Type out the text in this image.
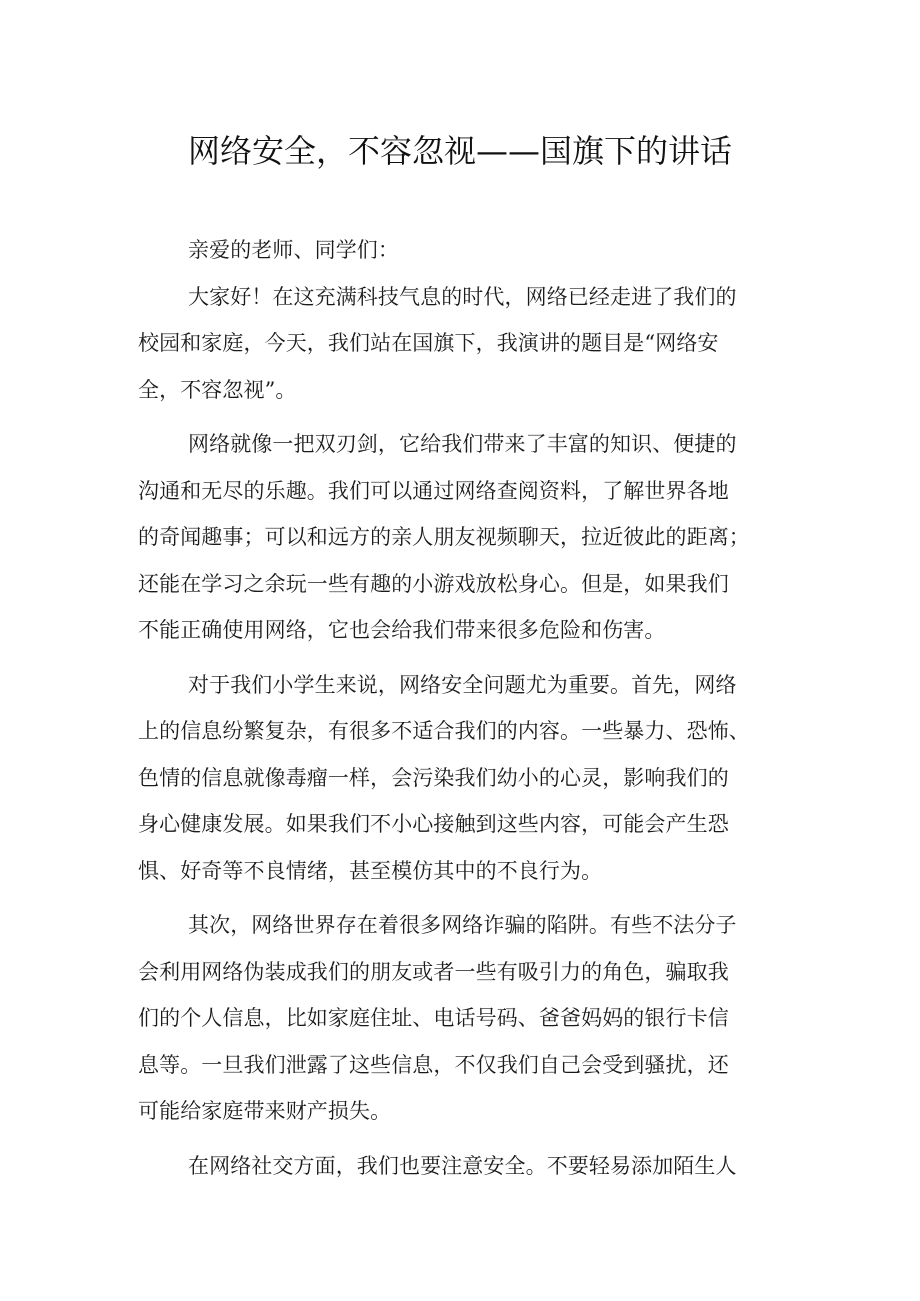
网络安全，不容忽视——国旗下的讲话
亲爱的老师、同学们：
大家好！在这充满科技气息的时代，网络已经走进了我们的
校园和家庭，今天，我们站在国旗下，我演讲的题目是“网络安
全，不容忽视”。
网络就像一把双刃剑，它给我们带来了丰富的知识、便捷的
沟通和无尽的乐趣。我们可以通过网络查阅资料，了解世界各地
的奇闻趣事；可以和远方的亲人朋友视频聊天，拉近彼此的距离；
还能在学习之余玩一些有趣的小游戏放松身心。但是，如果我们
不能正确使用网络，它也会给我们带来很多危险和伤害。
对于我们小学生来说，网络安全问题尤为重要。首先，网络
上的信息纷繁复杂，有很多不适合我们的内容。一些暴力、恐怖、
色情的信息就像毒瘤一样，会污染我们幼小的心灵，影响我们的
身心健康发展。如果我们不小心接触到这些内容，可能会产生恐
惧、好奇等不良情绪，甚至模仿其中的不良行为。
其次，网络世界存在着很多网络诈骗的陷阱。有些不法分子
会利用网络伪装成我们的朋友或者一些有吸引力的角色，骗取我
们的个人信息，比如家庭住址、电话号码、爸爸妈妈的银行卡信
息等。一旦我们泄露了这些信息，不仅我们自己会受到骚扰，还
可能给家庭带来财产损失。
在网络社交方面，我们也要注意安全。不要轻易添加陌生人
